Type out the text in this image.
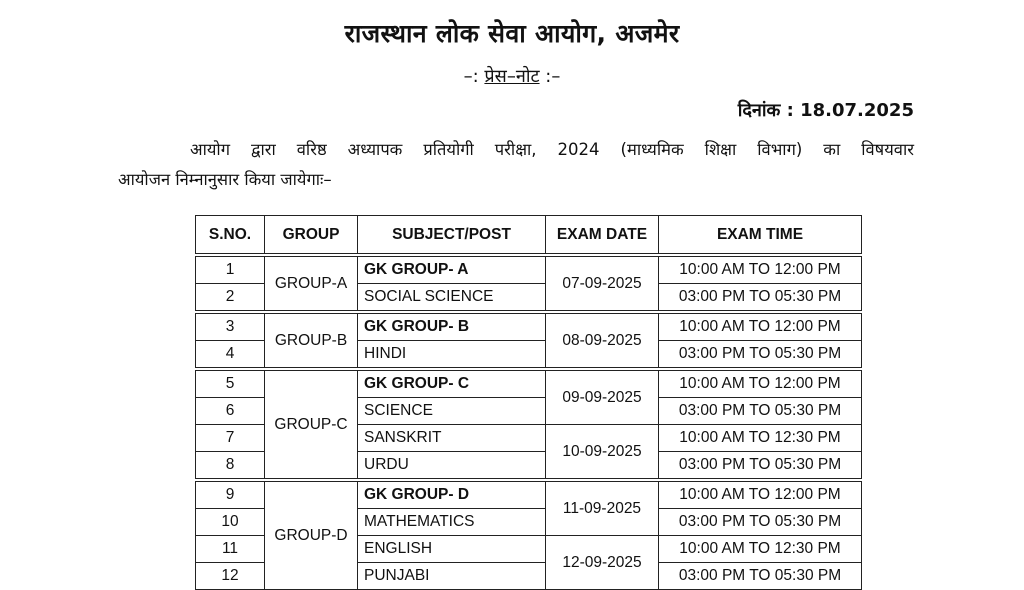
राजस्थान लोक सेवा आयोग, अजमेर
–: प्रेस–नोट :–
दिनांक : 18.07.2025
आयोग द्वारा वरिष्ठ अध्यापक प्रतियोगी परीक्षा, 2024 (माध्यमिक शिक्षा विभाग) का विषयवार
आयोजन निम्नानुसार किया जायेगाः–
S.NO.	GROUP	SUBJECT/POST	EXAM DATE	EXAM TIME
1	GROUP-A	GK GROUP- A	07-09-2025	10:00 AM TO 12:00 PM
2		SOCIAL SCIENCE		03:00 PM TO 05:30 PM
3	GROUP-B	GK GROUP- B	08-09-2025	10:00 AM TO 12:00 PM
4		HINDI		03:00 PM TO 05:30 PM
5	GROUP-C	GK GROUP- C	09-09-2025	10:00 AM TO 12:00 PM
6		SCIENCE		03:00 PM TO 05:30 PM
7		SANSKRIT	10-09-2025	10:00 AM TO 12:30 PM
8		URDU		03:00 PM TO 05:30 PM
9	GROUP-D	GK GROUP- D	11-09-2025	10:00 AM TO 12:00 PM
10		MATHEMATICS		03:00 PM TO 05:30 PM
11		ENGLISH	12-09-2025	10:00 AM TO 12:30 PM
12		PUNJABI		03:00 PM TO 05:30 PM
